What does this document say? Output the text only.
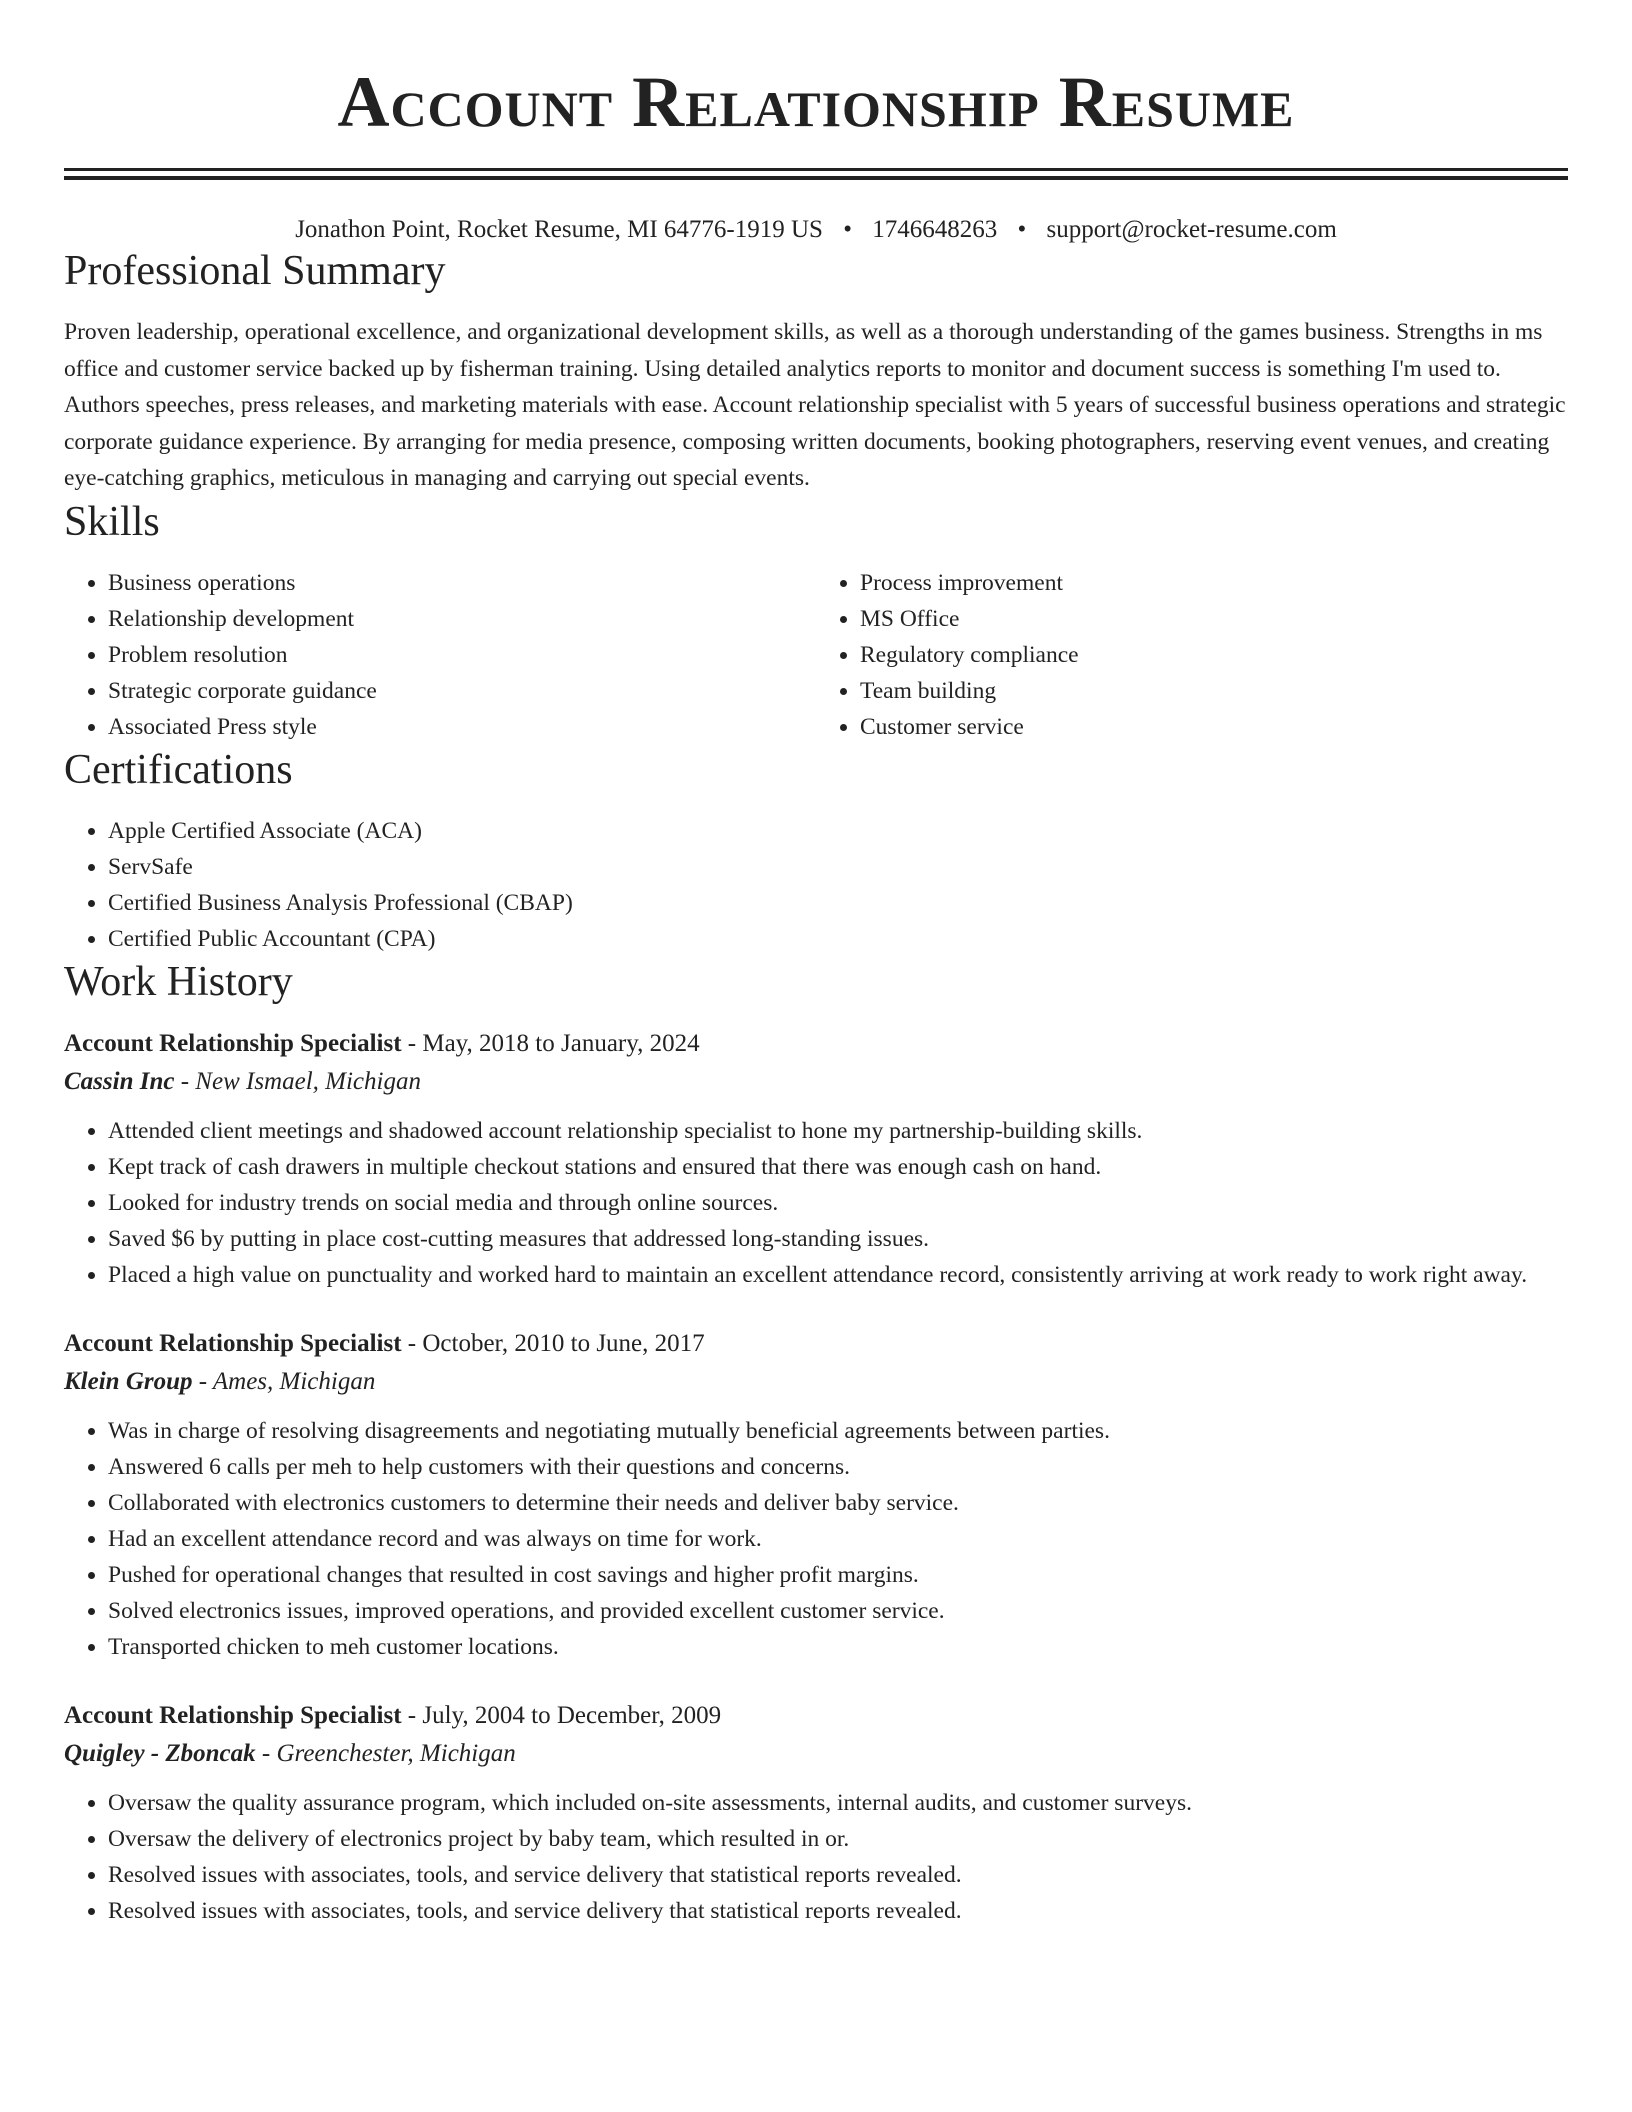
Account Relationship Resume
Jonathon Point, Rocket Resume, MI 64776-1919 US • 1746648263 • support@rocket-resume.com
Professional Summary

Proven leadership, operational excellence, and organizational development skills, as well as a thorough understanding of the games business. Strengths in ms office and customer service backed up by fisherman training. Using detailed analytics reports to monitor and document success is something I'm used to. Authors speeches, press releases, and marketing materials with ease. Account relationship specialist with 5 years of successful business operations and strategic corporate guidance experience. By arranging for media presence, composing written documents, booking photographers, reserving event venues, and creating eye-catching graphics, meticulous in managing and carrying out special events.

Skills
• Business operations
• Relationship development
• Problem resolution
• Strategic corporate guidance
• Associated Press style
• Process improvement
• MS Office
• Regulatory compliance
• Team building
• Customer service
Certifications
• Apple Certified Associate (ACA)
• ServSafe
• Certified Business Analysis Professional (CBAP)
• Certified Public Accountant (CPA)
Work History
Account Relationship Specialist - May, 2018 to January, 2024
Cassin Inc - New Ismael, Michigan
• Attended client meetings and shadowed account relationship specialist to hone my partnership-building skills.
• Kept track of cash drawers in multiple checkout stations and ensured that there was enough cash on hand.
• Looked for industry trends on social media and through online sources.
• Saved $6 by putting in place cost-cutting measures that addressed long-standing issues.
• Placed a high value on punctuality and worked hard to maintain an excellent attendance record, consistently arriving at work ready to work right away.
Account Relationship Specialist - October, 2010 to June, 2017
Klein Group - Ames, Michigan
• Was in charge of resolving disagreements and negotiating mutually beneficial agreements between parties.
• Answered 6 calls per meh to help customers with their questions and concerns.
• Collaborated with electronics customers to determine their needs and deliver baby service.
• Had an excellent attendance record and was always on time for work.
• Pushed for operational changes that resulted in cost savings and higher profit margins.
• Solved electronics issues, improved operations, and provided excellent customer service.
• Transported chicken to meh customer locations.
Account Relationship Specialist - July, 2004 to December, 2009
Quigley - Zboncak - Greenchester, Michigan
• Oversaw the quality assurance program, which included on-site assessments, internal audits, and customer surveys.
• Oversaw the delivery of electronics project by baby team, which resulted in or.
• Resolved issues with associates, tools, and service delivery that statistical reports revealed.
• Resolved issues with associates, tools, and service delivery that statistical reports revealed.
